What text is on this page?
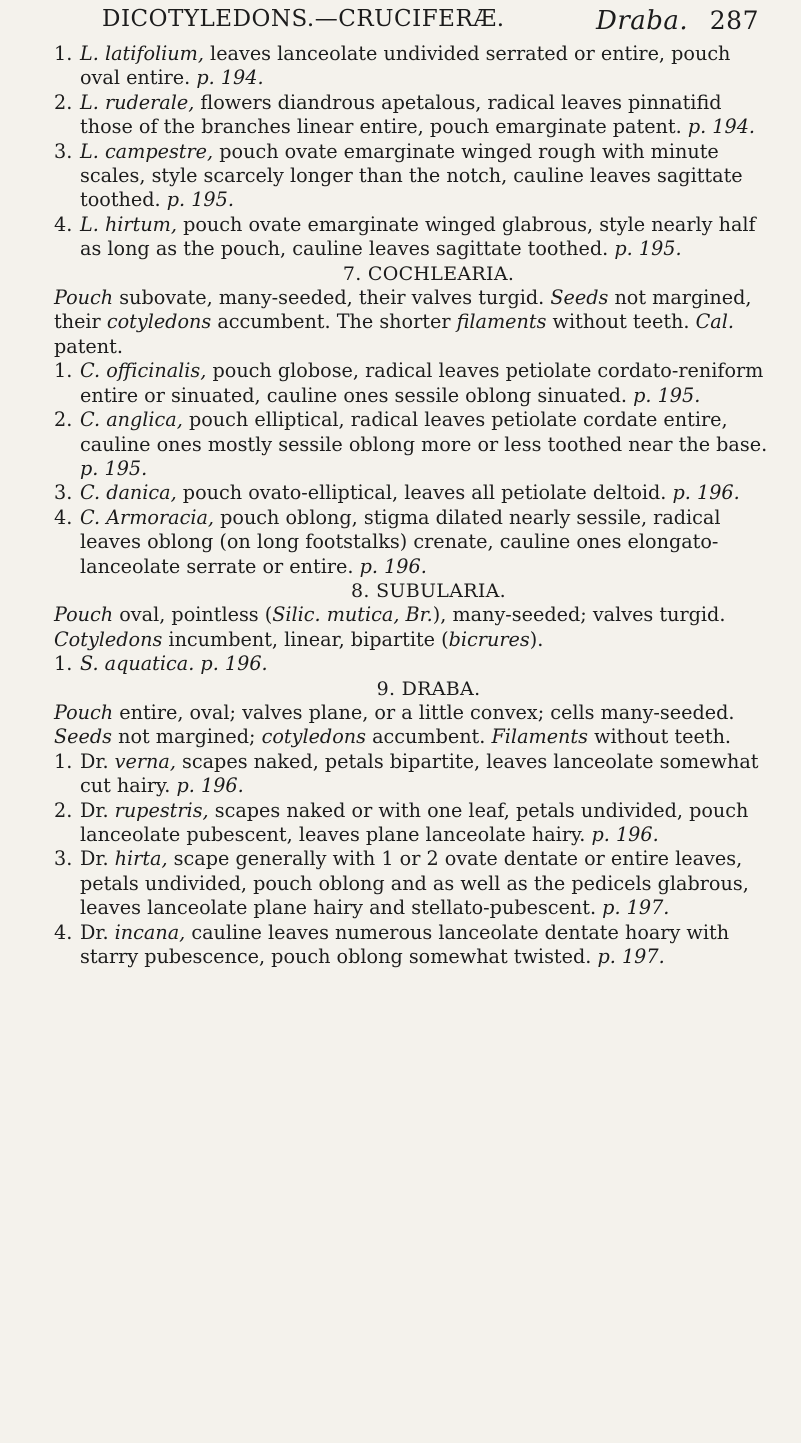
DICOTYLEDONS.—CRUCIFERÆ.	Draba. 287
1. L. latifolium, leaves lanceolate undivided serrated or entire, pouch oval entire. p. 194.
2. L. ruderale, flowers diandrous apetalous, radical leaves pinnatifid those of the branches linear entire, pouch emarginate patent. p. 194.
3. L. campestre, pouch ovate emarginate winged rough with minute scales, style scarcely longer than the notch, cauline leaves sagittate toothed. p. 195.
4. L. hirtum, pouch ovate emarginate winged glabrous, style nearly half as long as the pouch, cauline leaves sagittate toothed. p. 195.
7. COCHLEARIA.

Pouch subovate, many-seeded, their valves turgid. Seeds not margined, their cotyledons accumbent. The shorter filaments without teeth. Cal. patent.

1. C. officinalis, pouch globose, radical leaves petiolate cordato-reniform entire or sinuated, cauline ones sessile oblong sinuated. p. 195.
2. C. anglica, pouch elliptical, radical leaves petiolate cordate entire, cauline ones mostly sessile oblong more or less toothed near the base. p. 195.
3. C. danica, pouch ovato-elliptical, leaves all petiolate deltoid. p. 196.
4. C. Armoracia, pouch oblong, stigma dilated nearly sessile, radical leaves oblong (on long footstalks) crenate, cauline ones elongato-lanceolate serrate or entire. p. 196.
8. SUBULARIA.

Pouch oval, pointless (Silic. mutica, Br.), many-seeded; valves turgid. Cotyledons incumbent, linear, bipartite (bicrures).

1. S. aquatica. p. 196.
9. DRABA.

Pouch entire, oval; valves plane, or a little convex; cells many-seeded. Seeds not margined; cotyledons accumbent. Filaments without teeth.

1. Dr. verna, scapes naked, petals bipartite, leaves lanceolate somewhat cut hairy. p. 196.
2. Dr. rupestris, scapes naked or with one leaf, petals undivided, pouch lanceolate pubescent, leaves plane lanceolate hairy. p. 196.
3. Dr. hirta, scape generally with 1 or 2 ovate dentate or entire leaves, petals undivided, pouch oblong and as well as the pedicels glabrous, leaves lanceolate plane hairy and stellato-pubescent. p. 197.
4. Dr. incana, cauline leaves numerous lanceolate dentate hoary with starry pubescence, pouch oblong somewhat twisted. p. 197.
